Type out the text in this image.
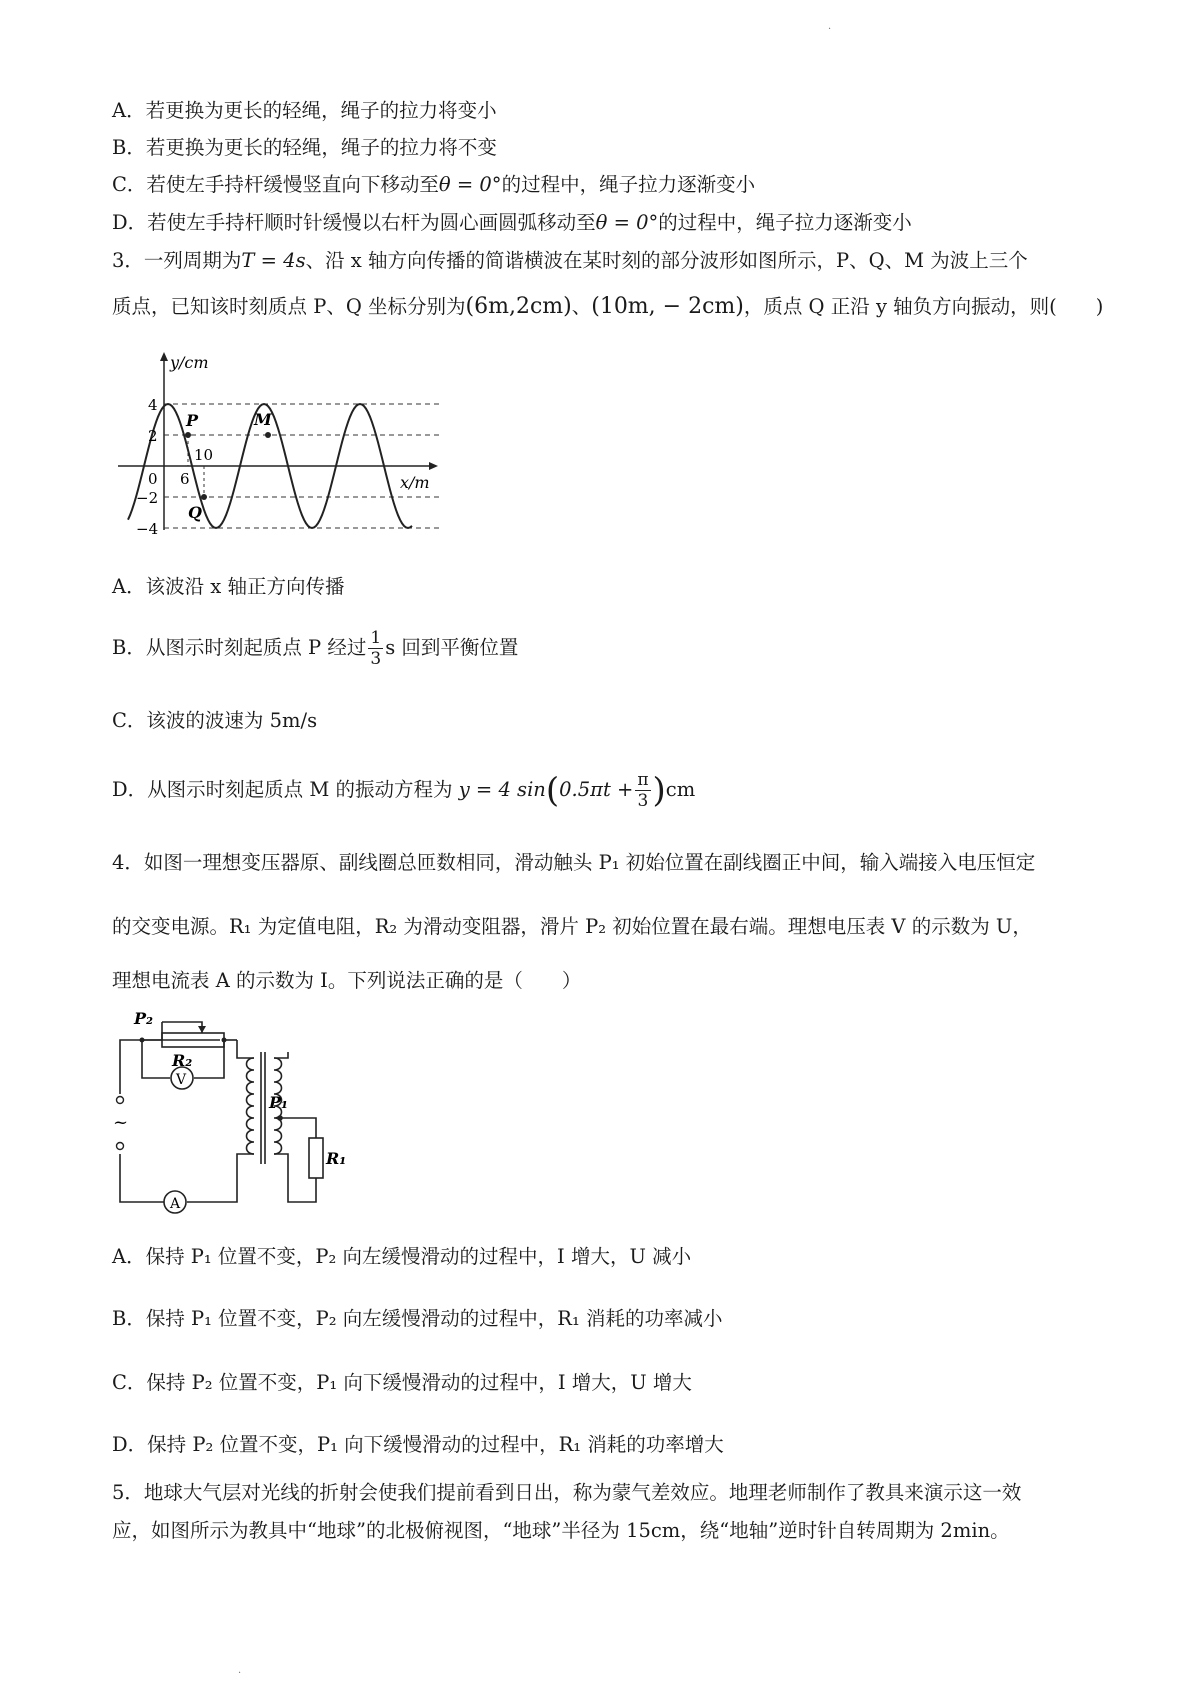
·
·
A．若更换为更长的轻绳，绳子的拉力将变小
B．若更换为更长的轻绳，绳子的拉力将不变
C．若使左手持杆缓慢竖直向下移动至θ = 0°的过程中，绳子拉力逐渐变小
D．若使左手持杆顺时针缓慢以右杆为圆心画圆弧移动至θ = 0°的过程中，绳子拉力逐渐变小
3．一列周期为T = 4s、沿 x 轴方向传播的简谐横波在某时刻的部分波形如图所示，P、Q、M 为波上三个
质点，已知该时刻质点 P、Q 坐标分别为(6m,2cm)、(10m, − 2cm)，质点 Q 正沿 y 轴负方向振动，则(　　)
y/cm
x/m
4
2
0
−2
−4
6
10
P	M
Q
A．该波沿 x 轴正方向传播
B．从图示时刻起质点 P 经过 $\frac{1}{3}$ s 回到平衡位置
C．该波的波速为 5m/s
D．从图示时刻起质点 M 的振动方程为 y = 4 $\sin(0.5\pi t + \frac{\pi}{3} )cm$
4．如图一理想变压器原、副线圈总匝数相同，滑动触头 P₁ 初始位置在副线圈正中间，输入端接入电压恒定
的交变电源。R₁ 为定值电阻，R₂ 为滑动变阻器，滑片 P₂ 初始位置在最右端。理想电压表 V 的示数为 U，
理想电流表 A 的示数为 I。下列说法正确的是（　　）
P₂
R₂
V
P₁
R₁
A
~
A．保持 P₁ 位置不变，P₂ 向左缓慢滑动的过程中，I 增大，U 减小
B．保持 P₁ 位置不变，P₂ 向左缓慢滑动的过程中，R₁ 消耗的功率减小
C．保持 P₂ 位置不变，P₁ 向下缓慢滑动的过程中，I 增大，U 增大
D．保持 P₂ 位置不变，P₁ 向下缓慢滑动的过程中，R₁ 消耗的功率增大
5．地球大气层对光线的折射会使我们提前看到日出，称为蒙气差效应。地理老师制作了教具来演示这一效
应，如图所示为教具中“地球”的北极俯视图，“地球”半径为 15cm，绕“地轴”逆时针自转周期为 2min。
